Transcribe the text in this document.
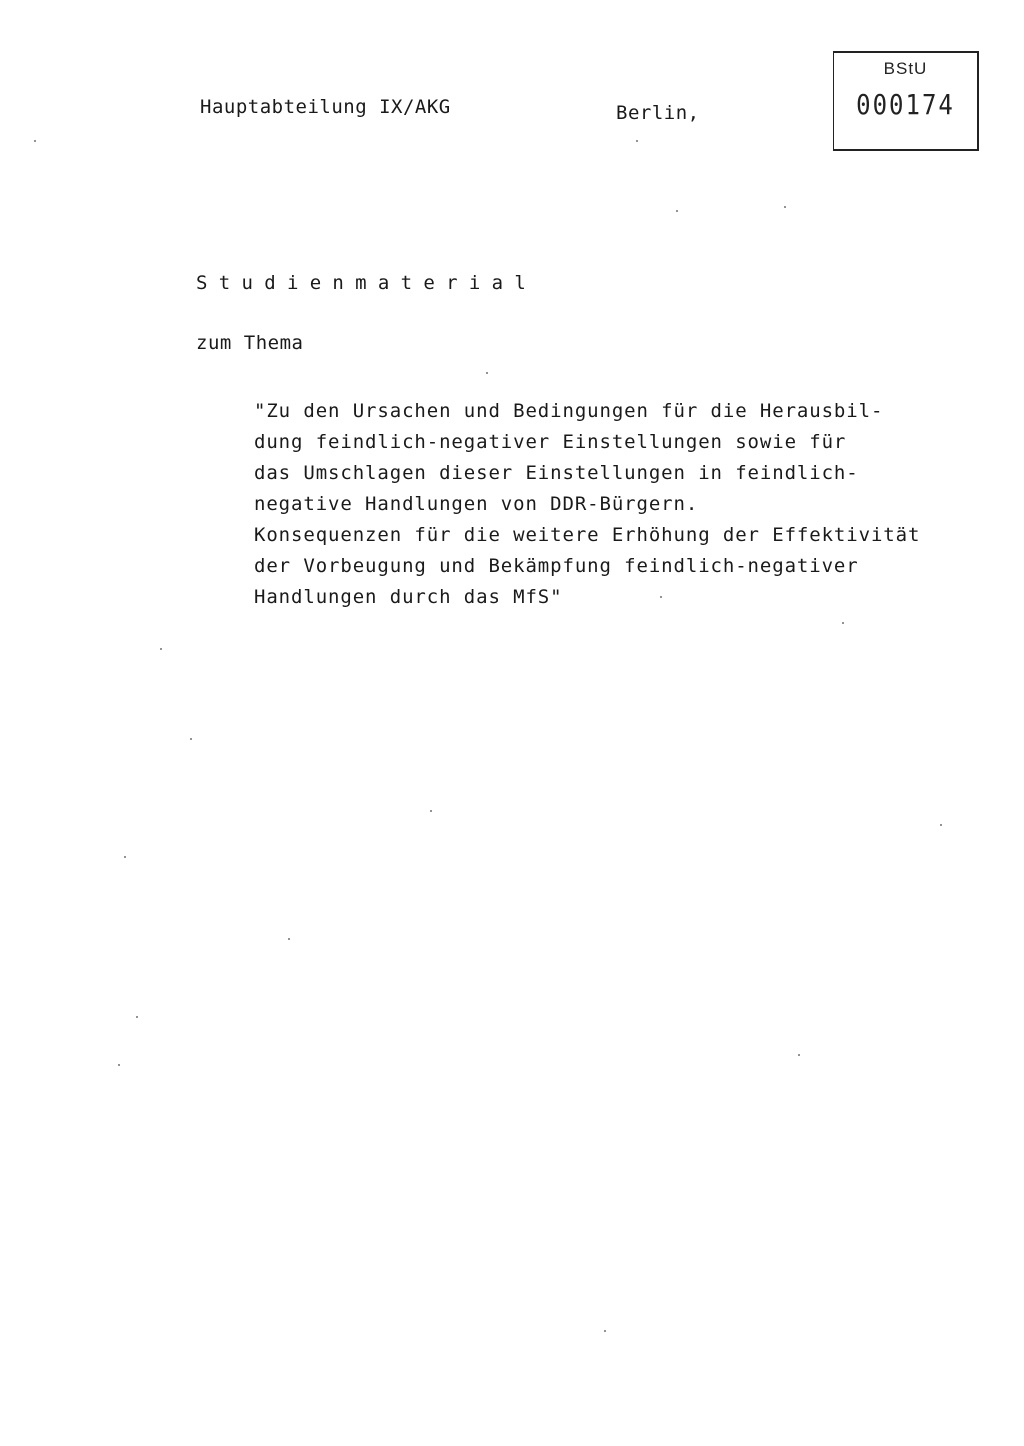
Hauptabteilung IX/AKG	Berlin,
BStU
000174
Studienmaterial
zum Thema
"Zu den Ursachen und Bedingungen für die Herausbil-
dung feindlich-negativer Einstellungen sowie für
das Umschlagen dieser Einstellungen in feindlich-
negative Handlungen von DDR-Bürgern.
Konsequenzen für die weitere Erhöhung der Effektivität
der Vorbeugung und Bekämpfung feindlich-negativer
Handlungen durch das MfS"
